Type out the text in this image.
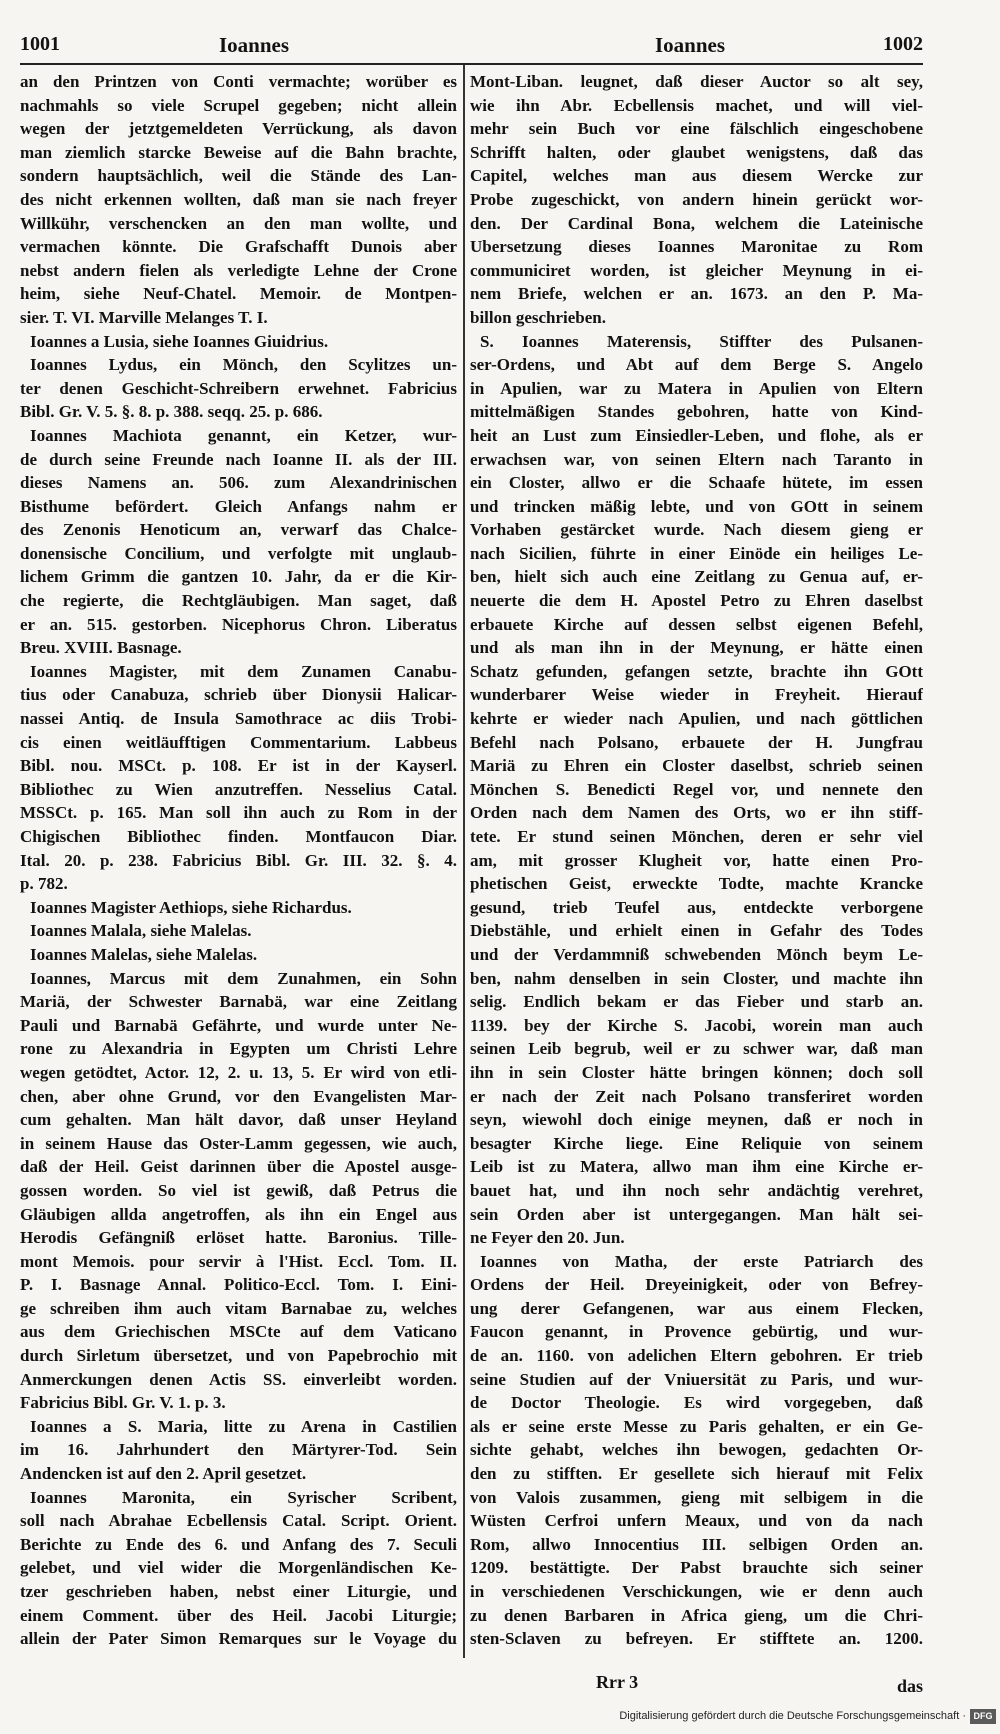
1001	Ioannes	Ioannes	1002
an den Printzen von Conti vermachte; worüber es
nachmahls so viele Scrupel gegeben; nicht allein
wegen der jetztgemeldeten Verrückung, als davon
man ziemlich starcke Beweise auf die Bahn brachte,
sondern hauptsächlich, weil die Stände des Lan-
des nicht erkennen wollten, daß man sie nach freyer
Willkühr, verschencken an den man wollte, und
vermachen könnte. Die Grafschafft Dunois aber
nebst andern fielen als verledigte Lehne der Crone
heim, siehe Neuf-Chatel. Memoir. de Montpen-
sier. T. VI. Marville Melanges T. I.
Ioannes a Lusia, siehe Ioannes Giuidrius.
Ioannes Lydus, ein Mönch, den Scylitzes un-
ter denen Geschicht-Schreibern erwehnet. Fabricius
Bibl. Gr. V. 5. §. 8. p. 388. seqq. 25. p. 686.
Ioannes Machiota genannt, ein Ketzer, wur-
de durch seine Freunde nach Ioanne II. als der III.
dieses Namens an. 506. zum Alexandrinischen
Bisthume befördert. Gleich Anfangs nahm er
des Zenonis Henoticum an, verwarf das Chalce-
donensische Concilium, und verfolgte mit unglaub-
lichem Grimm die gantzen 10. Jahr, da er die Kir-
che regierte, die Rechtgläubigen. Man saget, daß
er an. 515. gestorben. Nicephorus Chron. Liberatus
Breu. XVIII. Basnage.
Ioannes Magister, mit dem Zunamen Canabu-
tius oder Canabuza, schrieb über Dionysii Halicar-
nassei Antiq. de Insula Samothrace ac diis Trobi-
cis einen weitläufftigen Commentarium. Labbeus
Bibl. nou. MSCt. p. 108. Er ist in der Kayserl.
Bibliothec zu Wien anzutreffen. Nesselius Catal.
MSSCt. p. 165. Man soll ihn auch zu Rom in der
Chigischen Bibliothec finden. Montfaucon Diar.
Ital. 20. p. 238. Fabricius Bibl. Gr. III. 32. §. 4.
p. 782.
Ioannes Magister Aethiops, siehe Richardus.
Ioannes Malala, siehe Malelas.
Ioannes Malelas, siehe Malelas.
Ioannes, Marcus mit dem Zunahmen, ein Sohn
Mariä, der Schwester Barnabä, war eine Zeitlang
Pauli und Barnabä Gefährte, und wurde unter Ne-
rone zu Alexandria in Egypten um Christi Lehre
wegen getödtet, Actor. 12, 2. u. 13, 5. Er wird von etli-
chen, aber ohne Grund, vor den Evangelisten Mar-
cum gehalten. Man hält davor, daß unser Heyland
in seinem Hause das Oster-Lamm gegessen, wie auch,
daß der Heil. Geist darinnen über die Apostel ausge-
gossen worden. So viel ist gewiß, daß Petrus die
Gläubigen allda angetroffen, als ihn ein Engel aus
Herodis Gefängniß erlöset hatte. Baronius. Tille-
mont Memois. pour servir à l'Hist. Eccl. Tom. II.
P. I. Basnage Annal. Politico-Eccl. Tom. I. Eini-
ge schreiben ihm auch vitam Barnabae zu, welches
aus dem Griechischen MSCte auf dem Vaticano
durch Sirletum übersetzet, und von Papebrochio mit
Anmerckungen denen Actis SS. einverleibt worden.
Fabricius Bibl. Gr. V. 1. p. 3.
Ioannes a S. Maria, litte zu Arena in Castilien
im 16. Jahrhundert den Märtyrer-Tod. Sein
Andencken ist auf den 2. April gesetzet.
Ioannes Maronita, ein Syrischer Scribent,
soll nach Abrahae Ecbellensis Catal. Script. Orient.
Berichte zu Ende des 6. und Anfang des 7. Seculi
gelebet, und viel wider die Morgenländischen Ke-
tzer geschrieben haben, nebst einer Liturgie, und
einem Comment. über des Heil. Jacobi Liturgie;
allein der Pater Simon Remarques sur le Voyage du
Mont-Liban. leugnet, daß dieser Auctor so alt sey,
wie ihn Abr. Ecbellensis machet, und will viel-
mehr sein Buch vor eine fälschlich eingeschobene
Schrifft halten, oder glaubet wenigstens, daß das
Capitel, welches man aus diesem Wercke zur
Probe zugeschickt, von andern hinein gerückt wor-
den. Der Cardinal Bona, welchem die Lateinische
Ubersetzung dieses Ioannes Maronitae zu Rom
communiciret worden, ist gleicher Meynung in ei-
nem Briefe, welchen er an. 1673. an den P. Ma-
billon geschrieben.
S. Ioannes Materensis, Stiffter des Pulsanen-
ser-Ordens, und Abt auf dem Berge S. Angelo
in Apulien, war zu Matera in Apulien von Eltern
mittelmäßigen Standes gebohren, hatte von Kind-
heit an Lust zum Einsiedler-Leben, und flohe, als er
erwachsen war, von seinen Eltern nach Taranto in
ein Closter, allwo er die Schaafe hütete, im essen
und trincken mäßig lebte, und von GOtt in seinem
Vorhaben gestärcket wurde. Nach diesem gieng er
nach Sicilien, führte in einer Einöde ein heiliges Le-
ben, hielt sich auch eine Zeitlang zu Genua auf, er-
neuerte die dem H. Apostel Petro zu Ehren daselbst
erbauete Kirche auf dessen selbst eigenen Befehl,
und als man ihn in der Meynung, er hätte einen
Schatz gefunden, gefangen setzte, brachte ihn GOtt
wunderbarer Weise wieder in Freyheit. Hierauf
kehrte er wieder nach Apulien, und nach göttlichen
Befehl nach Polsano, erbauete der H. Jungfrau
Mariä zu Ehren ein Closter daselbst, schrieb seinen
Mönchen S. Benedicti Regel vor, und nennete den
Orden nach dem Namen des Orts, wo er ihn stiff-
tete. Er stund seinen Mönchen, deren er sehr viel
am, mit grosser Klugheit vor, hatte einen Pro-
phetischen Geist, erweckte Todte, machte Krancke
gesund, trieb Teufel aus, entdeckte verborgene
Diebstähle, und erhielt einen in Gefahr des Todes
und der Verdammniß schwebenden Mönch beym Le-
ben, nahm denselben in sein Closter, und machte ihn
selig. Endlich bekam er das Fieber und starb an.
1139. bey der Kirche S. Jacobi, worein man auch
seinen Leib begrub, weil er zu schwer war, daß man
ihn in sein Closter hätte bringen können; doch soll
er nach der Zeit nach Polsano transferiret worden
seyn, wiewohl doch einige meynen, daß er noch in
besagter Kirche liege. Eine Reliquie von seinem
Leib ist zu Matera, allwo man ihm eine Kirche er-
bauet hat, und ihn noch sehr andächtig verehret,
sein Orden aber ist untergegangen. Man hält sei-
ne Feyer den 20. Jun.
Ioannes von Matha, der erste Patriarch des
Ordens der Heil. Dreyeinigkeit, oder von Befrey-
ung derer Gefangenen, war aus einem Flecken,
Faucon genannt, in Provence gebürtig, und wur-
de an. 1160. von adelichen Eltern gebohren. Er trieb
seine Studien auf der Vniuersität zu Paris, und wur-
de Doctor Theologie. Es wird vorgegeben, daß
als er seine erste Messe zu Paris gehalten, er ein Ge-
sichte gehabt, welches ihn bewogen, gedachten Or-
den zu stifften. Er gesellete sich hierauf mit Felix
von Valois zusammen, gieng mit selbigem in die
Wüsten Cerfroi unfern Meaux, und von da nach
Rom, allwo Innocentius III. selbigen Orden an.
1209. bestättigte. Der Pabst brauchte sich seiner
in verschiedenen Verschickungen, wie er denn auch
zu denen Barbaren in Africa gieng, um die Chri-
sten-Sclaven zu befreyen. Er stifftete an. 1200.
Rrr 3	das
Digitalisierung gefördert durch die Deutsche Forschungsgemeinschaft · DFG
